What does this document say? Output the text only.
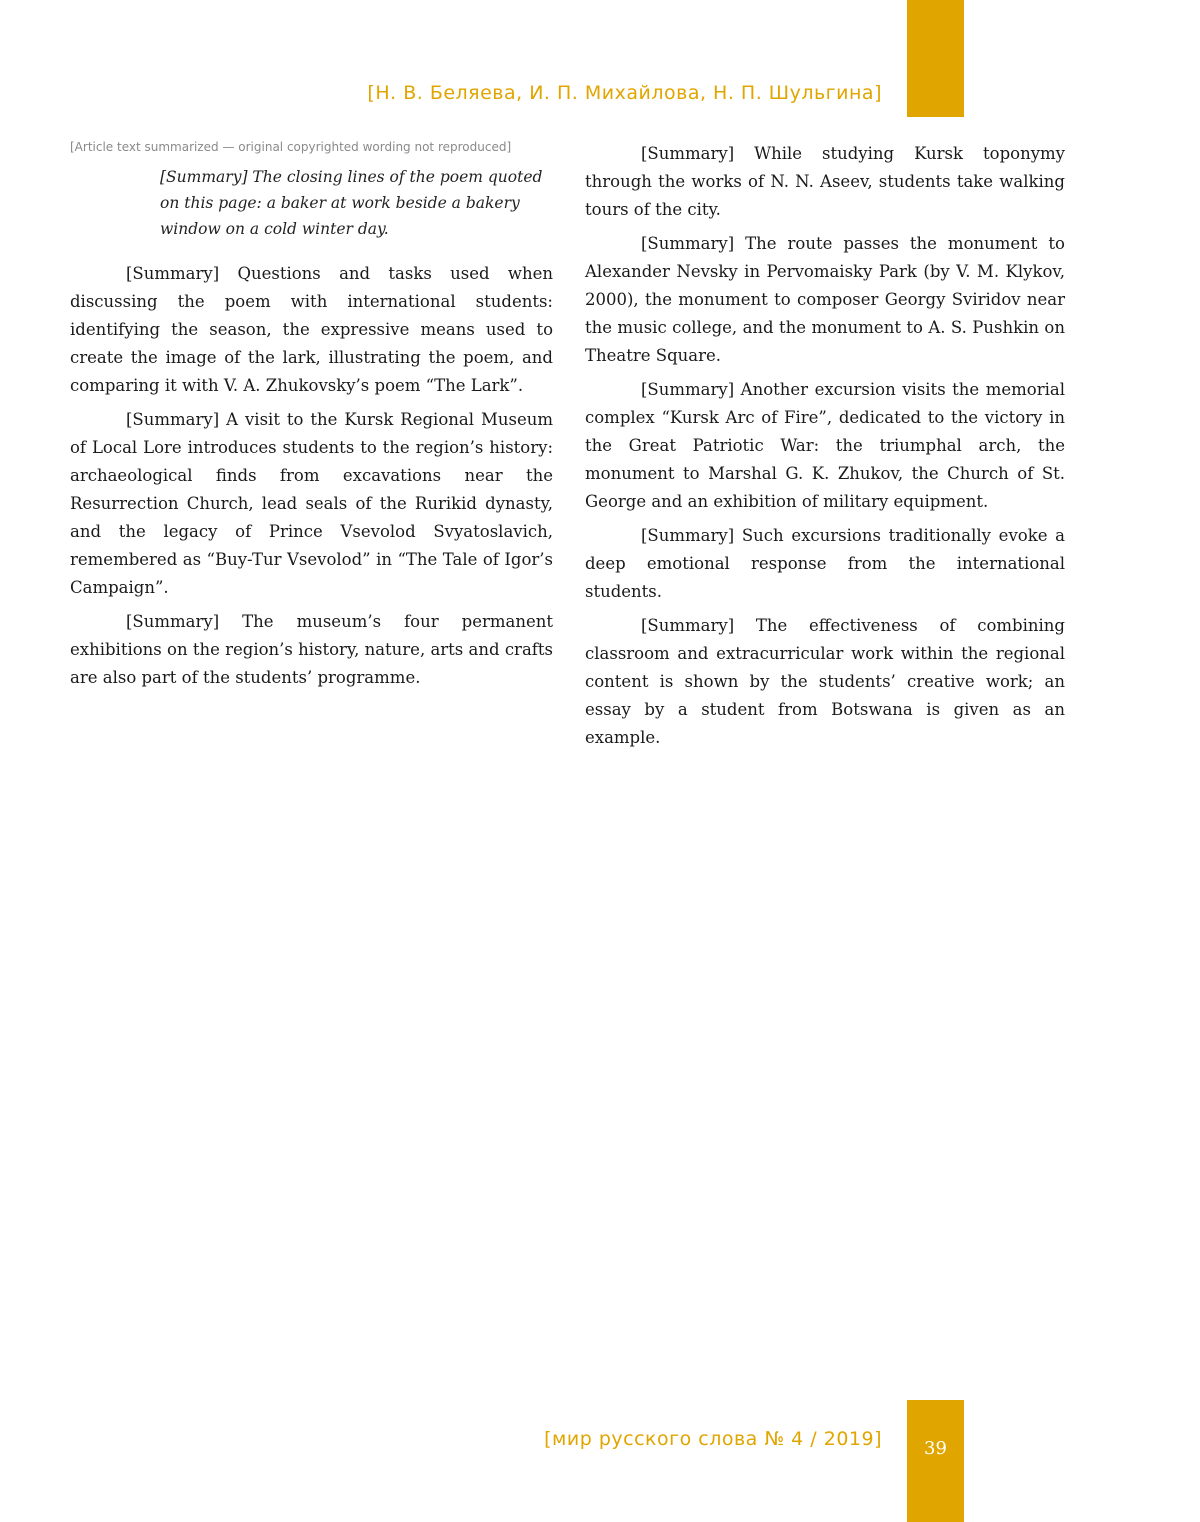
[Н. В. Беляева, И. П. Михайлова, Н. П. Шульгина]

[Article text summarized — original copyrighted wording not reproduced]

[Summary] The closing lines of the poem quoted on this page: a baker at work beside a bakery window on a cold winter day.

[Summary] Questions and tasks used when discussing the poem with international students: identifying the season, the expressive means used to create the image of the lark, illustrating the poem, and comparing it with V. A. Zhukovsky’s poem “The Lark”.

[Summary] A visit to the Kursk Regional Museum of Local Lore introduces students to the region’s history: archaeological finds from excavations near the Resurrection Church, lead seals of the Rurikid dynasty, and the legacy of Prince Vsevolod Svyatoslavich, remembered as “Buy-Tur Vsevolod” in “The Tale of Igor’s Campaign”.

[Summary] The museum’s four permanent exhibitions on the region’s history, nature, arts and crafts are also part of the students’ programme.

[Summary] While studying Kursk toponymy through the works of N. N. Aseev, students take walking tours of the city.

[Summary] The route passes the monument to Alexander Nevsky in Pervomaisky Park (by V. M. Klykov, 2000), the monument to composer Georgy Sviridov near the music college, and the monument to A. S. Pushkin on Theatre Square.

[Summary] Another excursion visits the memorial complex “Kursk Arc of Fire”, dedicated to the victory in the Great Patriotic War: the triumphal arch, the monument to Marshal G. K. Zhukov, the Church of St. George and an exhibition of military equipment.

[Summary] Such excursions traditionally evoke a deep emotional response from the international students.

[Summary] The effectiveness of combining classroom and extracurricular work within the regional content is shown by the students’ creative work; an essay by a student from Botswana is given as an example.

[мир русского слова № 4 / 2019]	39
